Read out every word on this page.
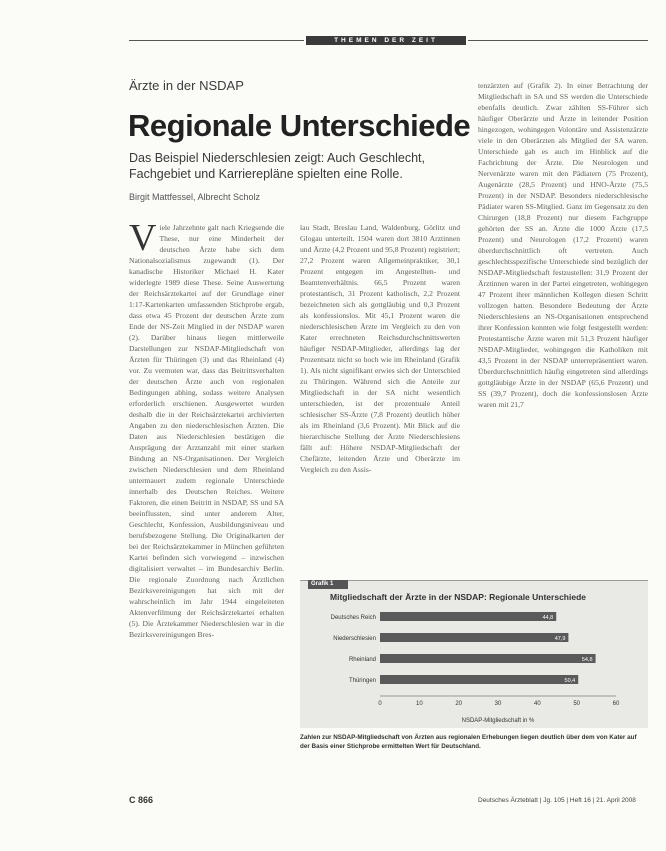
THEMEN DER ZEIT
Ärzte in der NSDAP
Regionale Unterschiede
Das Beispiel Niederschlesien zeigt: Auch Geschlecht, Fachgebiet und Karrierepläne spielten eine Rolle.
Birgit Mattfessel, Albrecht Scholz
Viele Jahrzehnte galt nach Kriegsende die These, nur eine Minderheit der deutschen Ärzte habe sich dem Nationalsozialismus zugewandt (1). Der kanadische Historiker Michael H. Kater widerlegte 1989 diese These. Seine Auswertung der Reichsärztekartei auf der Grundlage einer 1:17-Kartenkarten umfassenden Stichprobe ergab, dass etwa 45 Prozent der deutschen Ärzte zum Ende der NS-Zeit Mitglied in der NSDAP waren (2). Darüber hinaus liegen mittlerweile Darstellungen zur NSDAP-Mitgliedschaft von Ärzten für Thüringen (3) und das Rheinland (4) vor. Zu vermuten war, dass das Beitrittsverhalten der deutschen Ärzte auch von regionalen Bedingungen abhing, sodass weitere Analysen erforderlich erschienen. Ausgewertet wurden deshalb die in der Reichsärztekartei archivierten Angaben zu den niederschlesischen Ärzten. Die Daten aus Niederschlesien bestätigen die Ausprägung der Arztanzahl mit einer starken Bindung an NS-Organisationen. Der Vergleich zwischen Niederschlesien und dem Rheinland untermauert zudem regionale Unterschiede innerhalb des Deutschen Reiches. Weitere Faktoren, die einen Beitritt in NSDAP, SS und SA beeinflussten, sind unter anderem Alter, Geschlecht, Konfession, Ausbildungsniveau und berufsbezogene Stellung. Die Originalkarten der bei der Reichsärztekammer in München geführten Kartei befinden sich vorwiegend – inzwischen digitalisiert verwaltet – im Bundesarchiv Berlin. Die regionale Zuordnung nach Ärztlichen Bezirksvereinigungen hat sich mit der wahrscheinlich im Jahr 1944 eingeleiteten Aktenverfilmung der Reichsärztekartei erhalten (5). Die Ärztekammer Niederschlesien war in die Bezirksvereinigungen Bres-
lau Stadt, Breslau Land, Waldenburg, Görlitz und Glogau unterteilt. 1504 waren dort 3810 Arztinnen und Ärzte (4,2 Prozent und 95,8 Prozent) registriert; 27,2 Prozent waren Allgemeinpraktiker, 30,1 Prozent entgegen im Angestellten- und Beamtenverhältnis. 66,5 Prozent waren protestantisch, 31 Prozent katholisch, 2,2 Prozent bezeichneten sich als gottgläubig und 0,3 Prozent als konfessionslos. Mit 45,1 Prozent waren die niederschlesischen Ärzte im Vergleich zu den von Kater errechneten Reichsdurchschnittswerten häufiger NSDAP-Mitglieder, allerdings lag der Prozentsatz nicht so hoch wie im Rheinland (Grafik 1). Als nicht signifikant erwies sich der Unterschied zu Thüringen. Während sich die Anteile zur Mitgliedschaft in der SA nicht wesentlich unterschieden, ist der prozentuale Anteil schlesischer SS-Ärzte (7,8 Prozent) deutlich höher als im Rheinland (3,6 Prozent). Mit Blick auf die hierarchische Stellung der Ärzte Niederschlesiens fällt auf: Höhere NSDAP-Mitgliedschaft der Chefärzte, leitenden Ärzte und Oberärzte im Vergleich zu den Assis-
tenzärzten auf (Grafik 2). In einer Betrachtung der Mitgliedschaft in SA und SS werden die Unterschiede ebenfalls deutlich. Zwar zählten SS-Führer sich häufiger Oberärzte und Ärzte in leitender Position hingezogen, wohingegen Volontäre und Assistenzärzte viele in den Oberärzten als Mitglied der SA waren. Unterschiede gab es auch im Hinblick auf die Fachrichtung der Ärzte. Die Neurologen und Nervenärzte waren mit den Pädiatern (75 Prozent), Augenärzte (28,5 Prozent) und HNO-Ärzte (75,5 Prozent) in der NSDAP. Besonders niederschlesische Pädiater waren SS-Mitglied. Ganz im Gegensatz zu den Chirurgen (18,8 Prozent) nur diesem Fachgruppe gehörten der SS an. Ärzte die 1000 Ärzte (17,5 Prozent) und Neurologen (17,2 Prozent) waren überdurchschnittlich oft vertreten. Auch geschlechtsspezifische Unterschiede sind bezüglich der NSDAP-Mitgliedschaft festzustellen: 31,9 Prozent der Ärztinnen waren in der Partei eingetreten, wohingegen 47 Prozent ihrer männlichen Kollegen diesen Schritt vollzogen hatten. Besondere Bedeutung der Ärzte Niederschlesiens an NS-Organisationen entsprechend ihrer Konfession konnten wie folgt festgestellt werden: Protestantische Ärzte waren mit 51,3 Prozent häufiger NSDAP-Mitglieder, wohingegen die Katholiken mit 43,5 Prozent in der NSDAP unterrepräsentiert waren. Überdurchschnittlich häufig eingetreten sind allerdings gottgläubige Ärzte in der NSDAP (65,6 Prozent) und SS (39,7 Prozent), doch die konfessionslosen Ärzte waren mit 21,7
Grafik 1
Mitgliedschaft der Ärzte in der NSDAP: Regionale Unterschiede
Deutsches Reich	44,8
Niederschlesien	47,9
Rheinland	54,8
Thüringen	50,4
0	10	20	30	40	50	60
NSDAP-Mitgliedschaft in %
Zahlen zur NSDAP-Mitgliedschaft von Ärzten aus regionalen Erhebungen liegen deutlich über dem von Kater auf der Basis einer Stichprobe ermittelten Wert für Deutschland.
C 866	Deutsches Ärzteblatt | Jg. 105 | Heft 16 | 21. April 2008
